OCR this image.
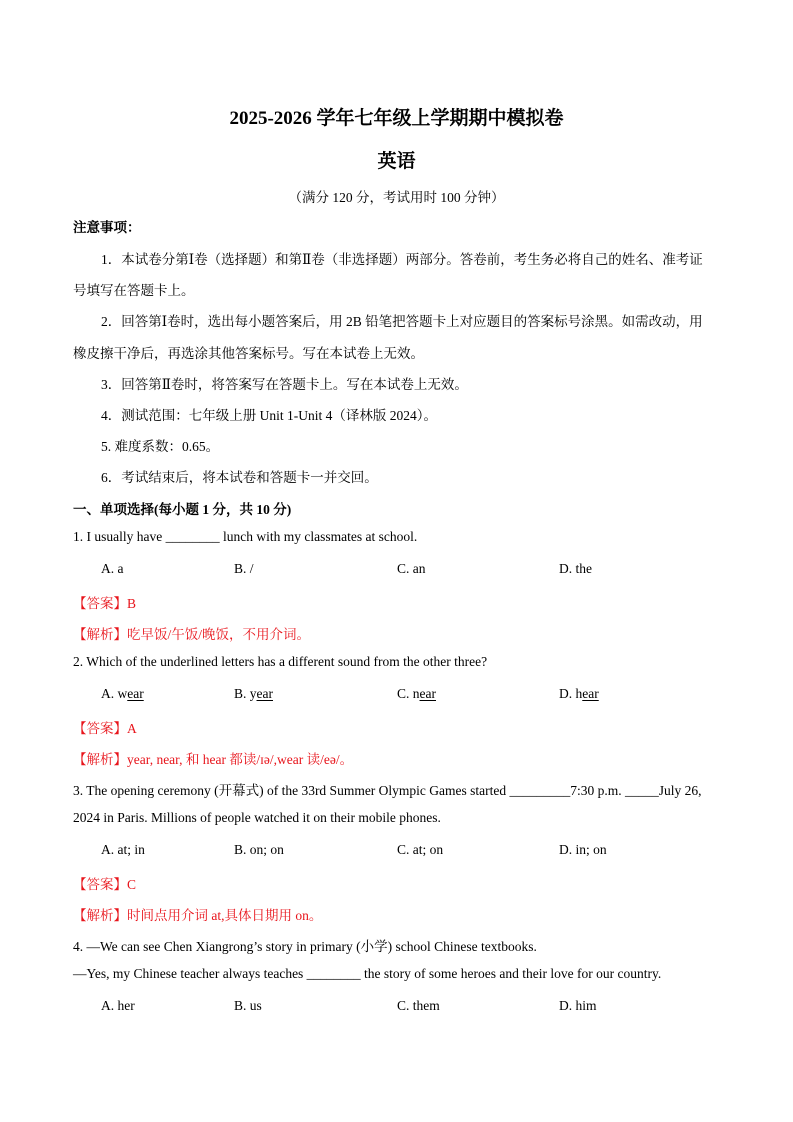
2025-2026 学年七年级上学期期中模拟卷
英语
（满分 120 分，考试用时 100 分钟）
注意事项：
1．本试卷分第Ⅰ卷（选择题）和第Ⅱ卷（非选择题）两部分。答卷前，考生务必将自己的姓名、准考证
号填写在答题卡上。
2．回答第Ⅰ卷时，选出每小题答案后，用 2B 铅笔把答题卡上对应题目的答案标号涂黑。如需改动，用
橡皮擦干净后，再选涂其他答案标号。写在本试卷上无效。
3．回答第Ⅱ卷时，将答案写在答题卡上。写在本试卷上无效。
4．测试范围：七年级上册 Unit 1-Unit 4（译林版 2024）。
5. 难度系数：0.65。
6．考试结束后，将本试卷和答题卡一并交回。
一、单项选择(每小题 1 分，共 10 分)
1. I usually have ________ lunch with my classmates at school.
A. a	B. /	C. an	D. the
【答案】B
【解析】吃早饭/午饭/晚饭，不用介词。
2. Which of the underlined letters has a different sound from the other three?
A. wear	B. year	C. near	D. hear
【答案】A
【解析】year, near, 和 hear 都读/ɪə/,wear 读/eə/。
3. The opening ceremony (开幕式) of the 33rd Summer Olympic Games started _________7:30 p.m. _____July 26,
2024 in Paris. Millions of people watched it on their mobile phones.
A. at; in	B. on; on	C. at; on	D. in; on
【答案】C
【解析】时间点用介词 at,具体日期用 on。
4. —We can see Chen Xiangrong’s story in primary (小学) school Chinese textbooks.
—Yes, my Chinese teacher always teaches ________ the story of some heroes and their love for our country.
A. her	B. us	C. them	D. him
